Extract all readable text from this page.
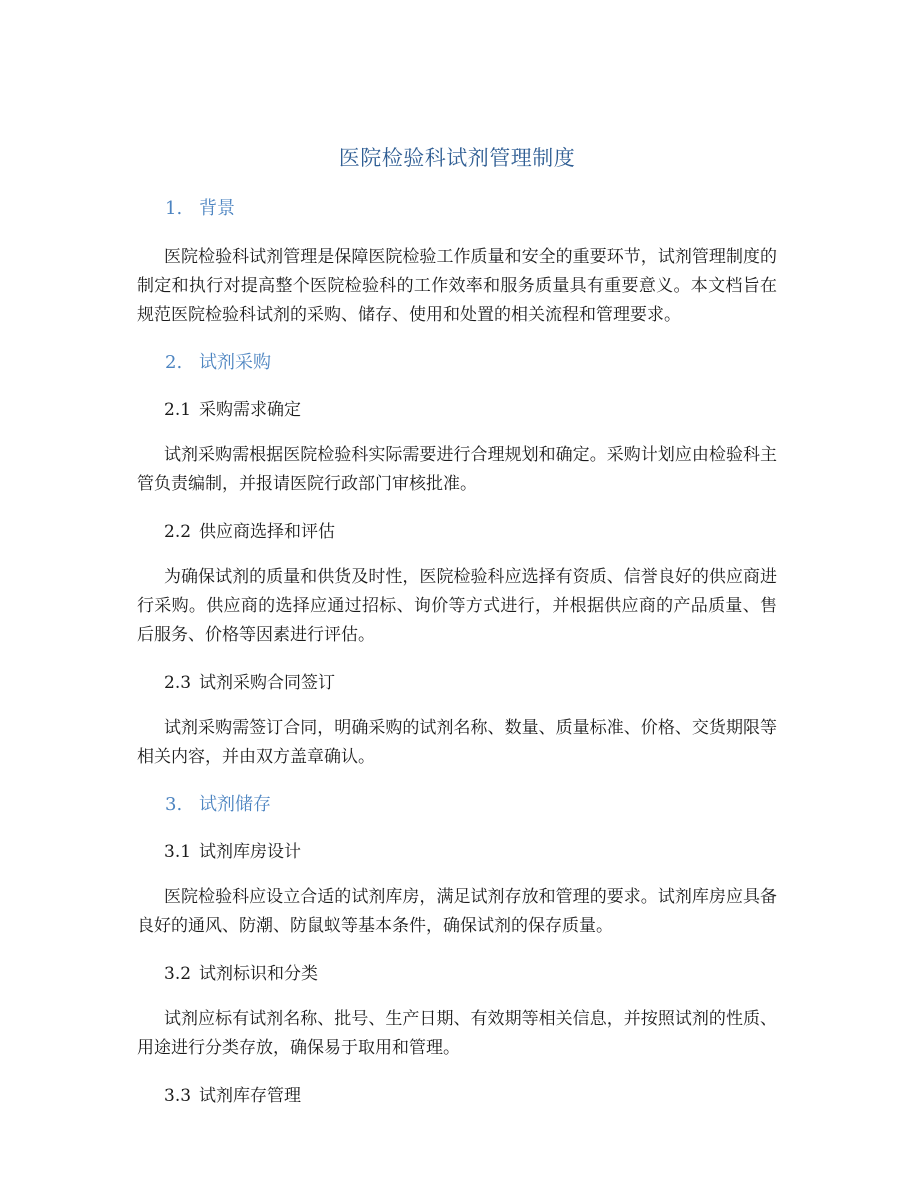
医院检验科试剂管理制度
1. 背景

医院检验科试剂管理是保障医院检验工作质量和安全的重要环节，试剂管理制度的制定和执行对提高整个医院检验科的工作效率和服务质量具有重要意义。本文档旨在规范医院检验科试剂的采购、储存、使用和处置的相关流程和管理要求。

2. 试剂采购
2.1 采购需求确定

试剂采购需根据医院检验科实际需要进行合理规划和确定。采购计划应由检验科主管负责编制，并报请医院行政部门审核批准。

2.2 供应商选择和评估

为确保试剂的质量和供货及时性，医院检验科应选择有资质、信誉良好的供应商进行采购。供应商的选择应通过招标、询价等方式进行，并根据供应商的产品质量、售后服务、价格等因素进行评估。

2.3 试剂采购合同签订

试剂采购需签订合同，明确采购的试剂名称、数量、质量标准、价格、交货期限等相关内容，并由双方盖章确认。

3. 试剂储存
3.1 试剂库房设计

医院检验科应设立合适的试剂库房，满足试剂存放和管理的要求。试剂库房应具备良好的通风、防潮、防鼠蚁等基本条件，确保试剂的保存质量。

3.2 试剂标识和分类

试剂应标有试剂名称、批号、生产日期、有效期等相关信息，并按照试剂的性质、用途进行分类存放，确保易于取用和管理。

3.3 试剂库存管理
